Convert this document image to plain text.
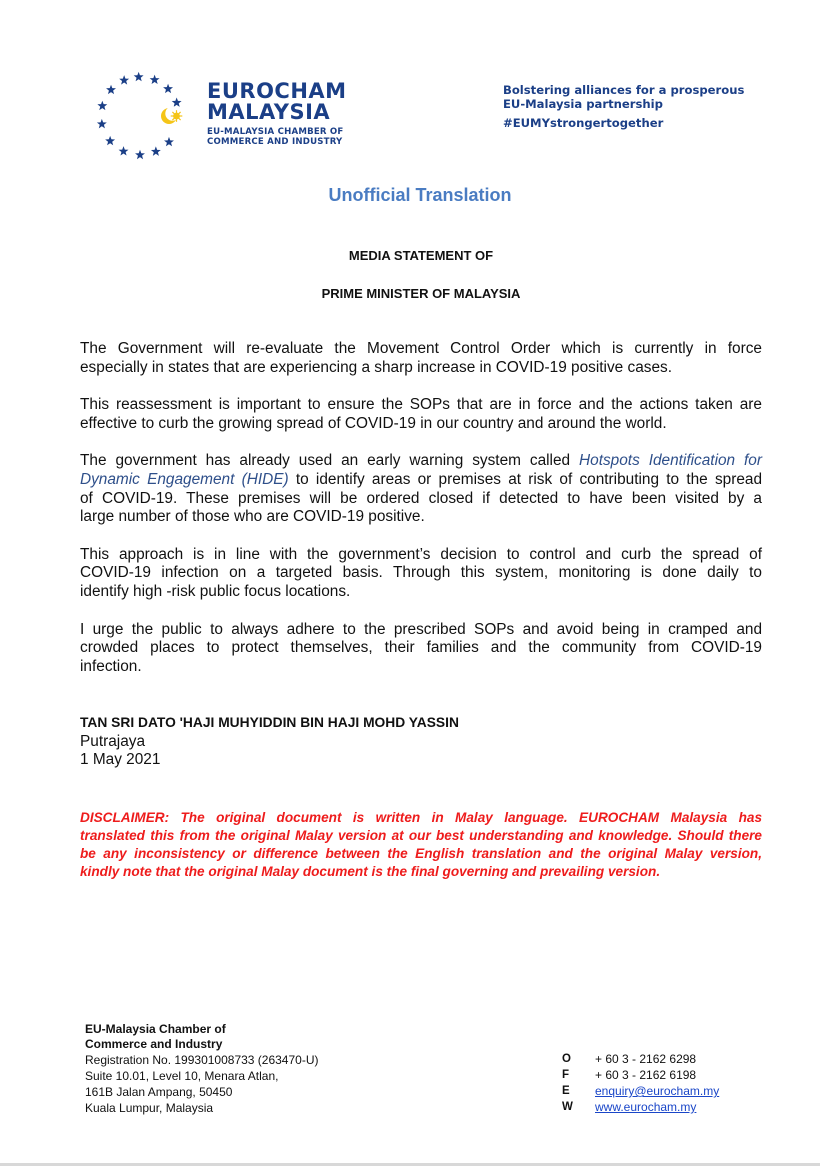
EUROCHAM
MALAYSIA
EU-MALAYSIA CHAMBER OF
COMMERCE AND INDUSTRY
Bolstering alliances for a prosperous
EU-Malaysia partnership
#EUMYstrongertogether
Unofficial Translation
MEDIA STATEMENT OF
PRIME MINISTER OF MALAYSIA

The Government will re-evaluate the Movement Control Order which is currently in force
especially in states that are experiencing a sharp increase in COVID-19 positive cases.

This reassessment is important to ensure the SOPs that are in force and the actions taken are
effective to curb the growing spread of COVID-19 in our country and around the world.

The government has already used an early warning system called Hotspots Identification for
Dynamic Engagement (HIDE) to identify areas or premises at risk of contributing to the spread
of COVID-19. These premises will be ordered closed if detected to have been visited by a
large number of those who are COVID-19 positive.

This approach is in line with the government’s decision to control and curb the spread of
COVID-19 infection on a targeted basis. Through this system, monitoring is done daily to
identify high -risk public focus locations.

I urge the public to always adhere to the prescribed SOPs and avoid being in cramped and
crowded places to protect themselves, their families and the community from COVID-19
infection.

TAN SRI DATO 'HAJI MUHYIDDIN BIN HAJI MOHD YASSIN
Putrajaya
1 May 2021
DISCLAIMER: The original document is written in Malay language. EUROCHAM Malaysia has
translated this from the original Malay version at our best understanding and knowledge. Should there
be any inconsistency or difference between the English translation and the original Malay version,
kindly note that the original Malay document is the final governing and prevailing version.
EU-Malaysia Chamber of
Commerce and Industry
Registration No. 199301008733 (263470-U)
Suite 10.01, Level 10, Menara Atlan,
161B Jalan Ampang, 50450
Kuala Lumpur, Malaysia
O	+ 60 3 - 2162 6298
F	+ 60 3 - 2162 6198
E	enquiry@eurocham.my
W	www.eurocham.my
